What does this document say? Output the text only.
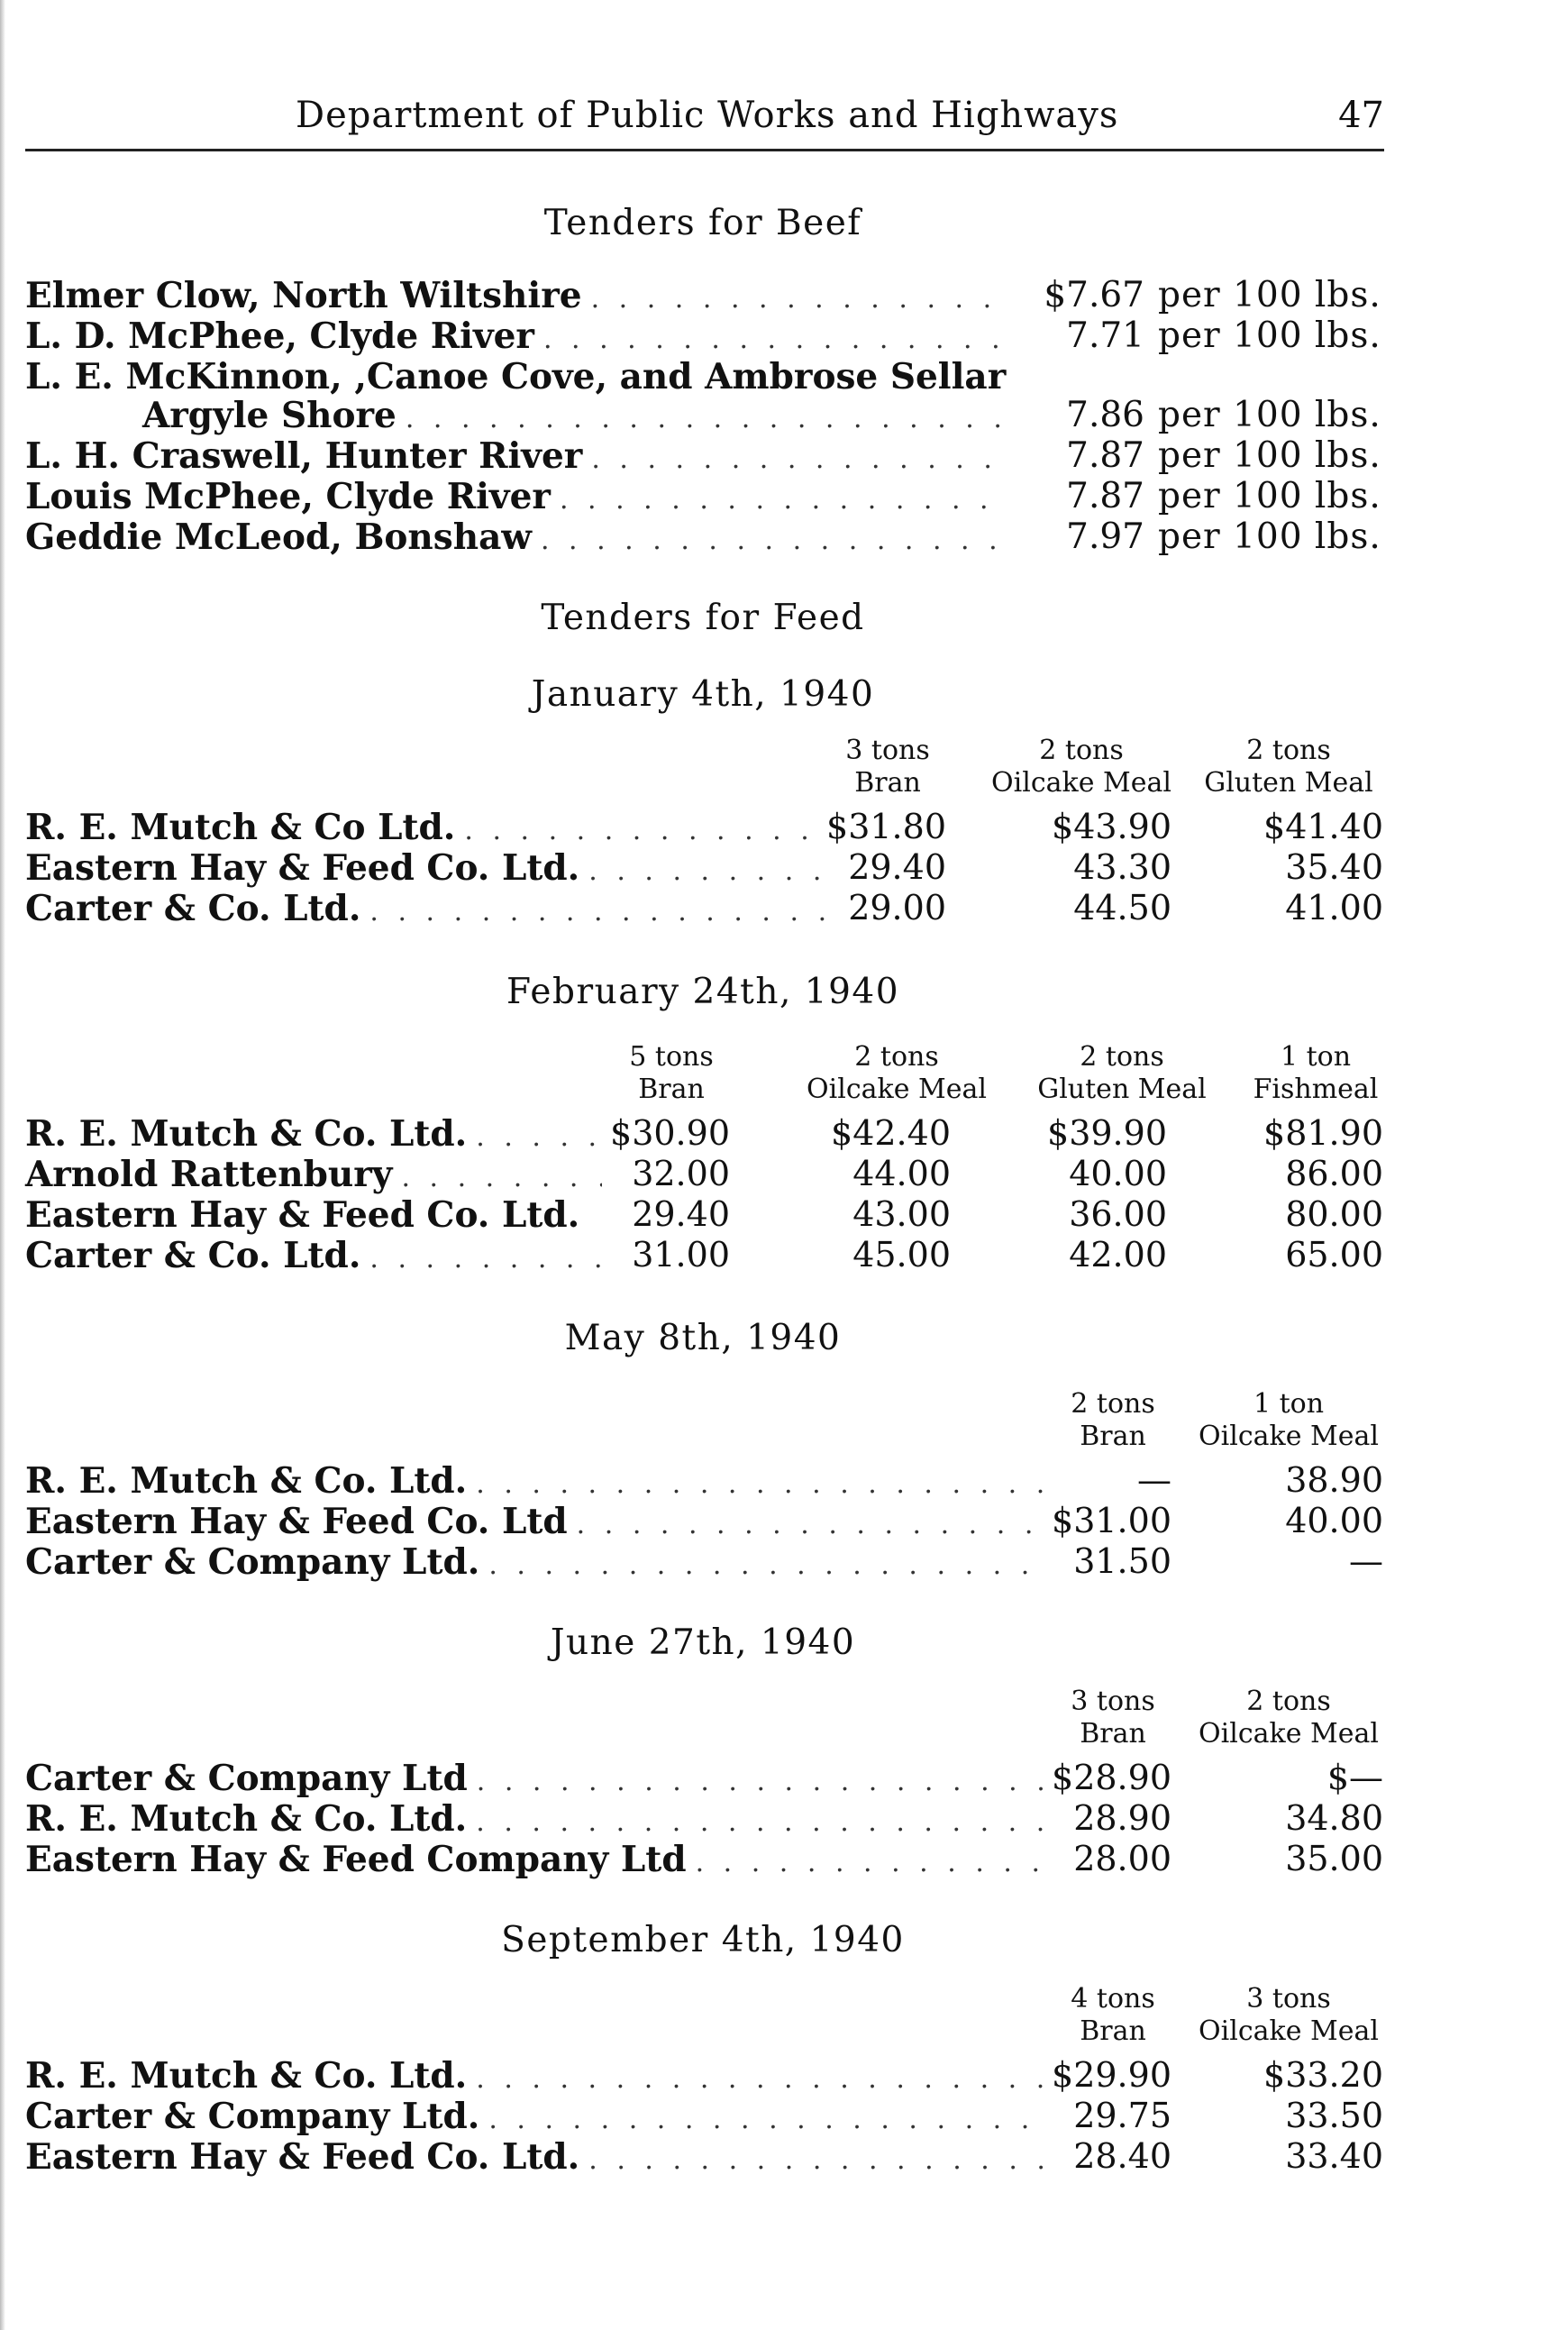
Department of Public Works and Highways	47
Tenders for Beef
Elmer Clow, North Wiltshire . . .	$7.67 per 100 lbs.
L. D. McPhee, Clyde River . . .	7.71 per 100 lbs.
L. E. McKinnon, ,Canoe Cove, and Ambrose Sellar
Argyle Shore . . .	7.86 per 100 lbs.
L. H. Craswell, Hunter River . . .	7.87 per 100 lbs.
Louis McPhee, Clyde River . . .	7.87 per 100 lbs.
Geddie McLeod, Bonshaw . . .	7.97 per 100 lbs.
Tenders for Feed
January 4th, 1940
3 tons
Bran
2 tons
Oilcake Meal
2 tons
Gluten Meal
R. E. Mutch & Co Ltd. . . .	$31.80	$43.90	$41.40
Eastern Hay & Feed Co. Ltd. . . .	29.40	43.30	35.40
Carter & Co. Ltd. . . .	29.00	44.50	41.00
February 24th, 1940
5 tons
Bran
2 tons
Oilcake Meal
2 tons
Gluten Meal
1 ton
Fishmeal
R. E. Mutch & Co. Ltd. . . .	$30.90	$42.40	$39.90	$81.90
Arnold Rattenbury . . .	32.00	44.00	40.00	86.00
Eastern Hay & Feed Co. Ltd.	29.40	43.00	36.00	80.00
Carter & Co. Ltd. . . .	31.00	45.00	42.00	65.00
May 8th, 1940
2 tons
Bran
1 ton
Oilcake Meal
R. E. Mutch & Co. Ltd. . . .	—	38.90
Eastern Hay & Feed Co. Ltd . . .	$31.00	40.00
Carter & Company Ltd. . . .	31.50	—
June 27th, 1940
3 tons
Bran
2 tons
Oilcake Meal
Carter & Company Ltd . . .	$28.90	$—
R. E. Mutch & Co. Ltd. . . .	28.90	34.80
Eastern Hay & Feed Company Ltd . . .	28.00	35.00
September 4th, 1940
4 tons
Bran
3 tons
Oilcake Meal
R. E. Mutch & Co. Ltd. . . .	$29.90	$33.20
Carter & Company Ltd. . . .	29.75	33.50
Eastern Hay & Feed Co. Ltd. . . .	28.40	33.40
